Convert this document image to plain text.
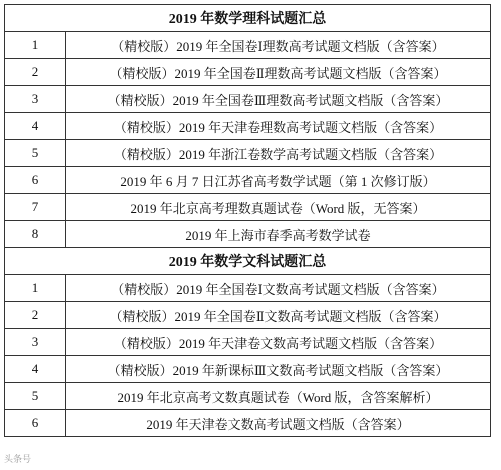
2019 年数学理科试题汇总	
1	（精校版）2019 年全国卷Ⅰ理数高考试题文档版（含答案）
2	（精校版）2019 年全国卷Ⅱ理数高考试题文档版（含答案）
3	（精校版）2019 年全国卷Ⅲ理数高考试题文档版（含答案）
4	（精校版）2019 年天津卷理数高考试题文档版（含答案）
5	（精校版）2019 年浙江卷数学高考试题文档版（含答案）
6	2019 年 6 月 7 日江苏省高考数学试题（第 1 次修订版）
7	2019 年北京高考理数真题试卷（Word 版，无答案）
8	2019 年上海市春季高考数学试卷
2019 年数学文科试题汇总	
1	（精校版）2019 年全国卷Ⅰ文数高考试题文档版（含答案）
2	（精校版）2019 年全国卷Ⅱ文数高考试题文档版（含答案）
3	（精校版）2019 年天津卷文数高考试题文档版（含答案）
4	（精校版）2019 年新课标Ⅲ文数高考试题文档版（含答案）
5	2019 年北京高考文数真题试卷（Word 版，含答案解析）
6	2019 年天津卷文数高考试题文档版（含答案）
头条号
